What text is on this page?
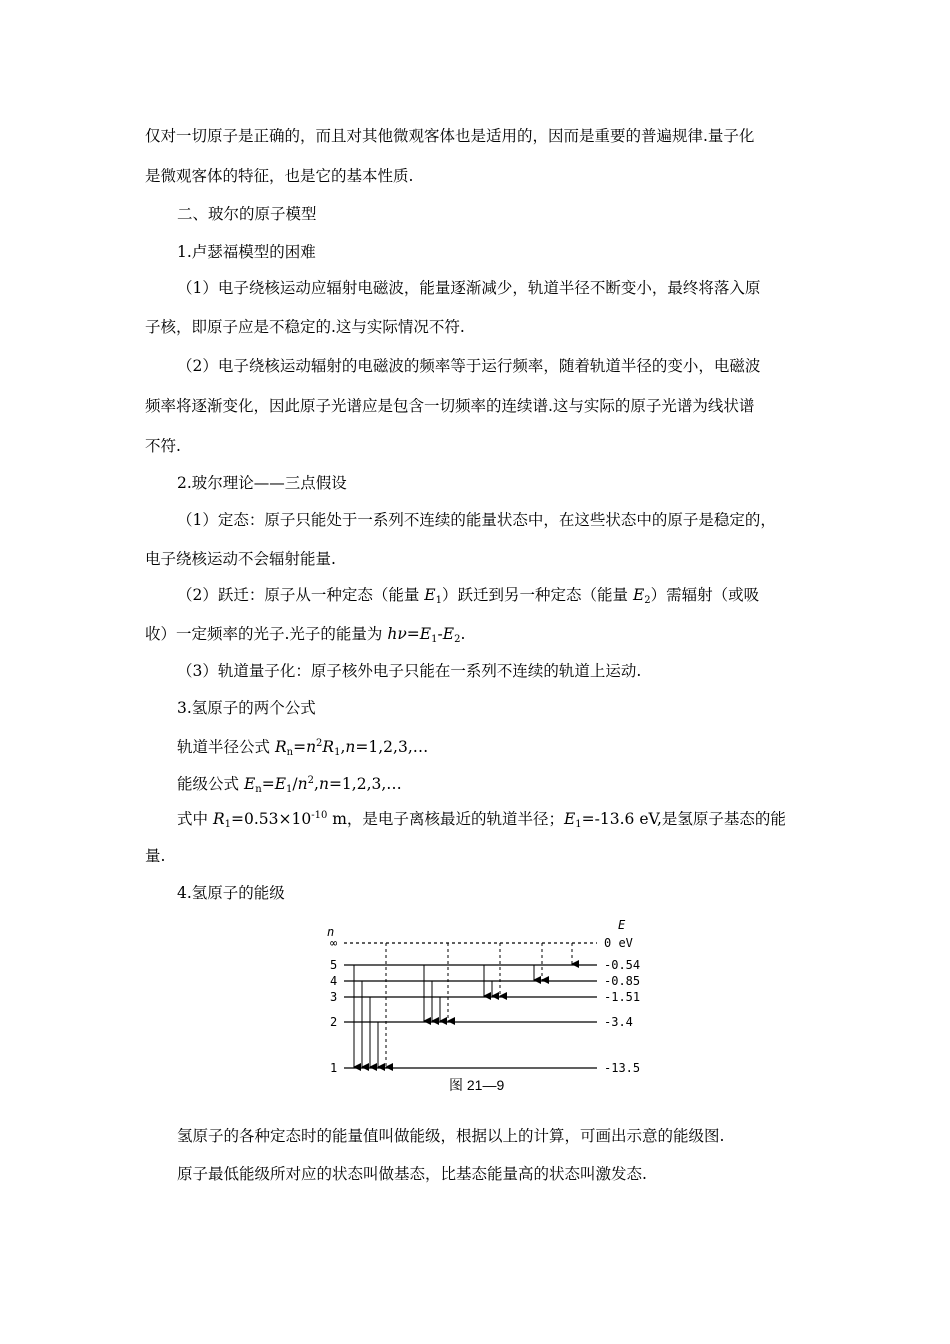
仅对一切原子是正确的，而且对其他微观客体也是适用的，因而是重要的普遍规律.量子化
是微观客体的特征，也是它的基本性质.
二、玻尔的原子模型
1.卢瑟福模型的困难
（1）电子绕核运动应辐射电磁波，能量逐渐减少，轨道半径不断变小，最终将落入原
子核，即原子应是不稳定的.这与实际情况不符.
（2）电子绕核运动辐射的电磁波的频率等于运行频率，随着轨道半径的变小，电磁波
频率将逐渐变化，因此原子光谱应是包含一切频率的连续谱.这与实际的原子光谱为线状谱
不符.
2.玻尔理论——三点假设
（1）定态：原子只能处于一系列不连续的能量状态中，在这些状态中的原子是稳定的，
电子绕核运动不会辐射能量.
（2）跃迁：原子从一种定态（能量 $E_1$）跃迁到另一种定态（能量 $E_2$）需辐射（或吸
收）一定频率的光子.光子的能量为 $h\nu=E_1-E_2$.
（3）轨道量子化：原子核外电子只能在一系列不连续的轨道上运动.
3.氢原子的两个公式
轨道半径公式 $R_n=n^2R_1,n=1,2,3,\dots$
能级公式 $E_n=E_1/n^2,n=1,2,3,\dots$
式中 $R_1=0.53\times 10^{-10}$ m，是电子离核最近的轨道半径；$E_1=-13.6$ eV,是氢原子基态的能
量.
4.氢原子的能级
n	E
∞	0 eV
5	-0.54
4	-0.85
3	-1.51
2	-3.4
1	-13.5
图 21—9
氢原子的各种定态时的能量值叫做能级，根据以上的计算，可画出示意的能级图.
原子最低能级所对应的状态叫做基态，比基态能量高的状态叫激发态.
